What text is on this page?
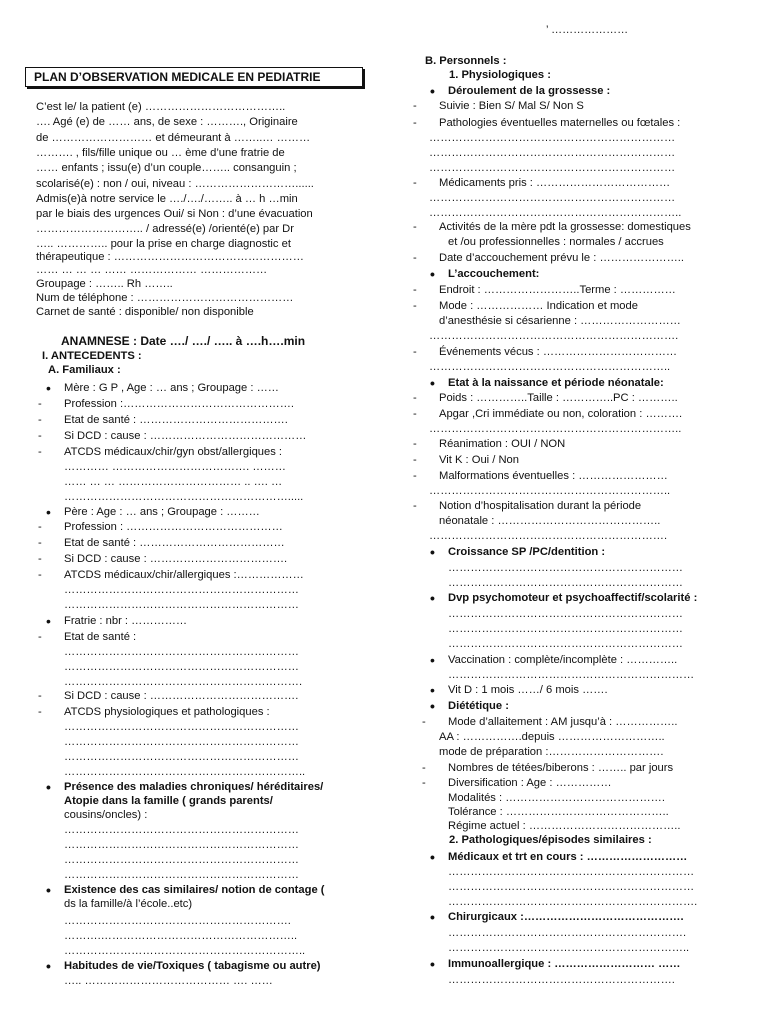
’ …………………
PLAN D’OBSERVATION MEDICALE EN PEDIATRIE
C’est le/ la patient (e) ………………………………..
…. Agé (e) de …… ans, de sexe : ………., Originaire
de ……………………… et démeurant à ……..… ………
………. , fils/fille unique ou … ème d’une fratrie de
…… enfants ; issu(e) d’un couple…….. consanguin ;
scolarisé(e) : non / oui, niveau : ………………………......
Admis(e)à notre service le …./…./…….. à … h …min
par le biais des urgences Oui/ si Non : d’une évacuation
……………………….. / adressé(e) /orienté(e) par Dr
….. ………….. pour la prise en charge diagnostic et
thérapeutique : ……………………………………………
…… … … … …… ……………… ………………
Groupage : …….. Rh ……..
Num de téléphone : ……………………………………
Carnet de santé : disponible/ non disponible
ANAMNESE : Date …./ …./ ….. à ….h….min
I. ANTECEDENTS :
A. Familiaux :
• Mère : G P , Age : … ans ; Groupage : ……
- Profession :……………………………………….
- Etat de santé : ………………………………….
- Si DCD : cause : ……………………………………
- ATCDS médicaux/chir/gyn obst/allergiques :
………… ………………………………. ………
…… … … …………………………… .. …. …
…………………………………………………….....
• Père : Age : … ans ; Groupage : ………
- Profession : ……………………………………
- Etat de santé : …………………………………
- Si DCD : cause : ……………………………….
- ATCDS médicaux/chir/allergiques :………………
………………………………………………………
………………………………………………………
• Fratrie : nbr : ……………
- Etat de santé :
………………………………………………………
………………………………………………………
……………………………………………………….
- Si DCD : cause : ………………………………….
- ATCDS physiologiques et pathologiques :
………………………………………………………
………………………………………………………
………………………………………………………
………………………………………………………..
• Présence des maladies chroniques/ héréditaires/
Atopie dans la famille ( grands parents/
cousins/oncles) :
………………………………………………………
………………………………………………………
………………………………………………………
………………………………………………………
• Existence des cas similaires/ notion de contage (
ds la famille/à l’école..etc)
…………………………………………………….
……….……………………………………………..
………………………………………………………..
• Habitudes de vie/Toxiques ( tabagisme ou autre)
….. ………………………………… …. ……
B. Personnels :
1. Physiologiques :
• Déroulement de la grossesse :
- Suivie : Bien S/ Mal S/ Non S
- Pathologies éventuelles maternelles ou fœtales :
…………………………………………………………
…………………………………………………………
…………………………………………………………
- Médicaments pris : ………………………………
…………………………………………………………
…………………………………………………………..
- Activités de la mère pdt la grossesse: domestiques
et /ou professionnelles : normales / accrues
- Date d’accouchement prévu le : …………………..
• L’accouchement:
- Endroit : ……………………..Terme : ……………
- Mode : ……………… Indication et mode
d’anesthésie si césarienne : ………………………
………………………………………………………….
- Événements vécus : ………………………………
………………………………………………………..
• Etat à la naissance et période néonatale:
- Poids : …………..Taille : …………..PC : ………..
- Apgar ,Cri immédiate ou non, coloration : ……….
…………………………………………………………..
- Réanimation : OUI / NON
- Vit K : Oui / Non
- Malformations éventuelles : ……………………
………………………………………………………..
- Notion d’hospitalisation durant la période
néonatale : ……………………………………..
……………………………………………………….
• Croissance SP /PC/dentition :
………………………………………………………
………………………………………………………
• Dvp psychomoteur et psychoaffectif/scolarité :
………………………………………………………
………………………………………………………
………………………………………………………
• Vaccination : complète/incomplète : …………..
…………………………………………………………
• Vit D : 1 mois ……/ 6 mois …….
• Diététique :
- Mode d’allaitement : AM jusqu’à : ……………..
AA : …………….depuis ………………………..
mode de préparation :………………………….
- Nombres de tétées/biberons : …….. par jours
- Diversification : Age : ……………
Modalités : …………………………………….
Tolérance : ……………………………………..
Régime actuel : …………………………………..
2. Pathologiques/épisodes similaires :
• Médicaux et trt en cours : ………………………
…………………………………………………………
…………………………………………………………
………………………………………………………….
• Chirurgicaux :…………………………………….
……………………………………………………….
………………………………………………………..
• Immunoallergique : ……………………… ……
…………………………………………………….
